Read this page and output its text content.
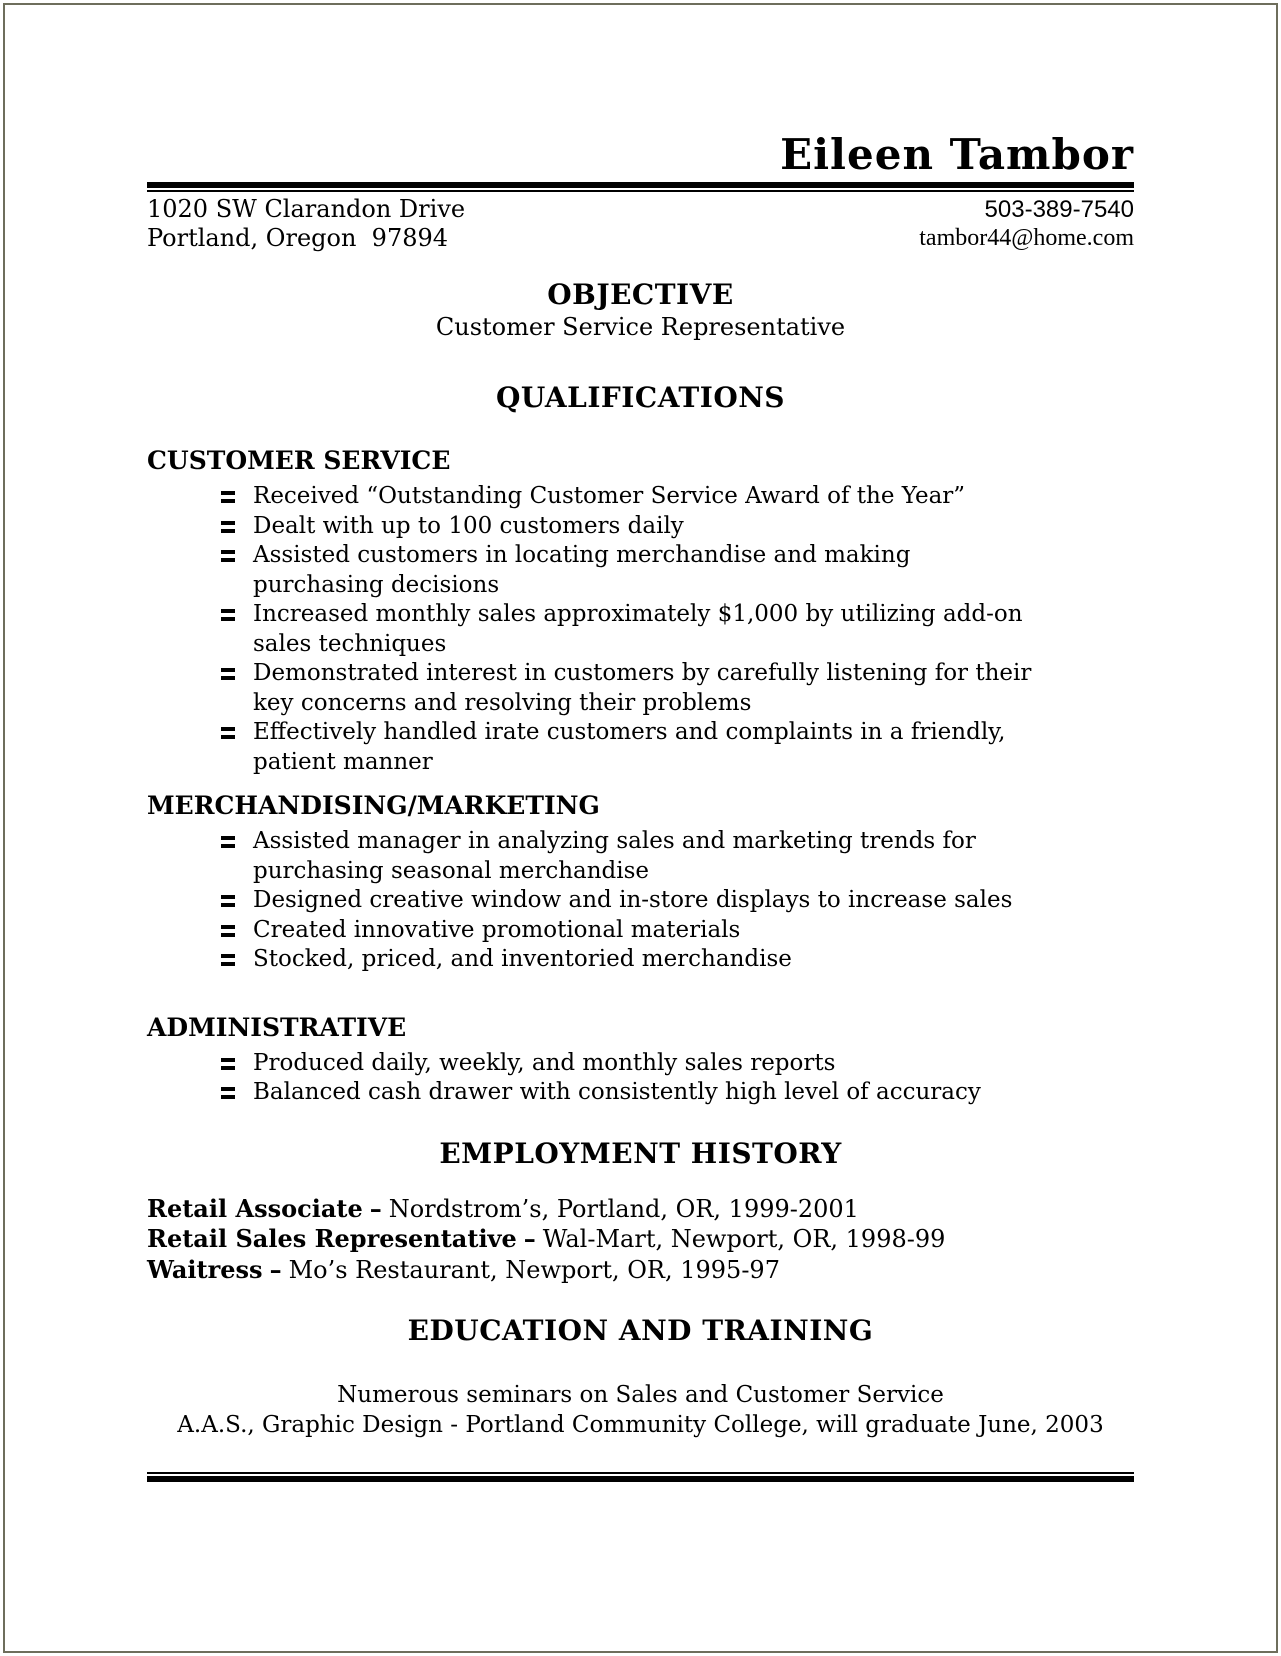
Eileen Tambor
1020 SW Clarandon Drive
Portland, Oregon  97894
503-389-7540
tambor44@home.com
OBJECTIVE
Customer Service Representative
QUALIFICATIONS
CUSTOMER SERVICE
Received “Outstanding Customer Service Award of the Year”
Dealt with up to 100 customers daily
Assisted customers in locating merchandise and making purchasing decisions
Increased monthly sales approximately $1,000 by utilizing add-on sales techniques
Demonstrated interest in customers by carefully listening for their key concerns and resolving their problems
Effectively handled irate customers and complaints in a friendly, patient manner
MERCHANDISING/MARKETING
Assisted manager in analyzing sales and marketing trends for purchasing seasonal merchandise
Designed creative window and in-store displays to increase sales
Created innovative promotional materials
Stocked, priced, and inventoried merchandise
ADMINISTRATIVE
Produced daily, weekly, and monthly sales reports
Balanced cash drawer with consistently high level of accuracy
EMPLOYMENT HISTORY
Retail Associate – Nordstrom’s, Portland, OR, 1999-2001
Retail Sales Representative – Wal-Mart, Newport, OR, 1998-99
Waitress – Mo’s Restaurant, Newport, OR, 1995-97
EDUCATION AND TRAINING
Numerous seminars on Sales and Customer Service
A.A.S., Graphic Design - Portland Community College, will graduate June, 2003
